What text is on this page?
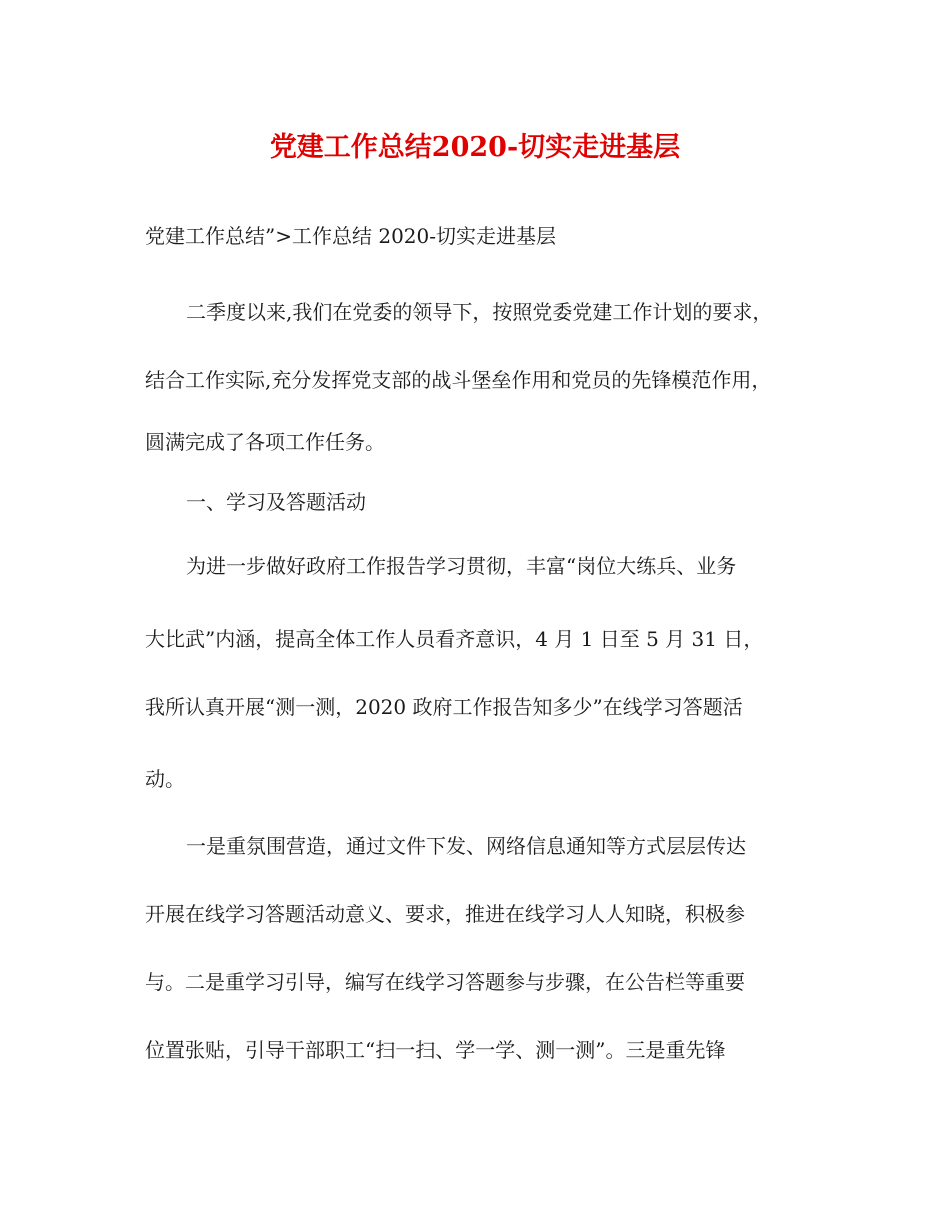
党建工作总结2020-切实走进基层
党建工作总结”>工作总结 2020-切实走进基层
二季度以来,我们在党委的领导下，按照党委党建工作计划的要求，
结合工作实际,充分发挥党支部的战斗堡垒作用和党员的先锋模范作用，
圆满完成了各项工作任务。
一、学习及答题活动
为进一步做好政府工作报告学习贯彻，丰富“岗位大练兵、业务
大比武”内涵，提高全体工作人员看齐意识，4 月 1 日至 5 月 31 日，
我所认真开展“测一测，2020 政府工作报告知多少”在线学习答题活
动。
一是重氛围营造，通过文件下发、网络信息通知等方式层层传达
开展在线学习答题活动意义、要求，推进在线学习人人知晓，积极参
与。二是重学习引导，编写在线学习答题参与步骤，在公告栏等重要
位置张贴，引导干部职工“扫一扫、学一学、测一测”。三是重先锋
